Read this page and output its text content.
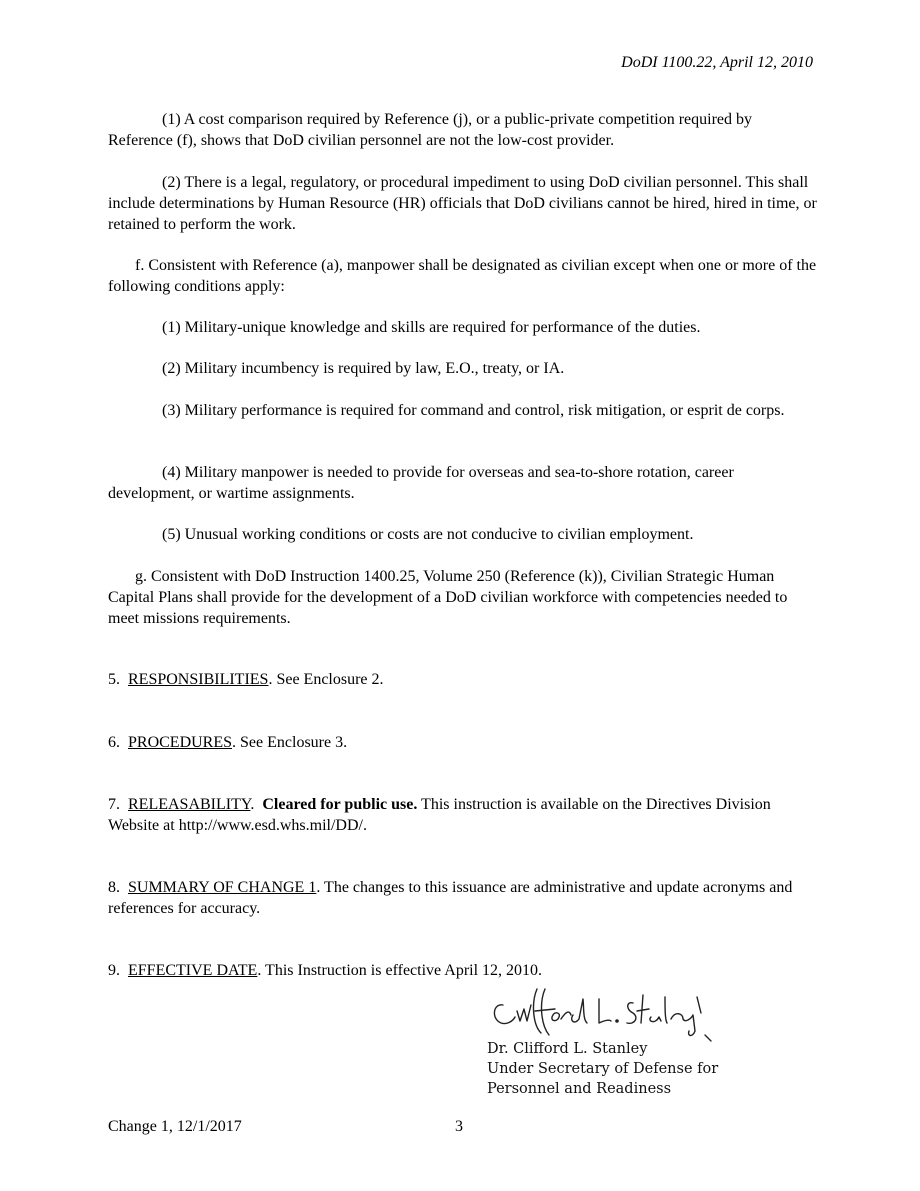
DoDI 1100.22, April 12, 2010

(1) A cost comparison required by Reference (j), or a public-private competition required by Reference (f), shows that DoD civilian personnel are not the low-cost provider.

(2) There is a legal, regulatory, or procedural impediment to using DoD civilian personnel. This shall include determinations by Human Resource (HR) officials that DoD civilians cannot be hired, hired in time, or retained to perform the work.

f. Consistent with Reference (a), manpower shall be designated as civilian except when one or more of the following conditions apply:

(1) Military-unique knowledge and skills are required for performance of the duties.

(2) Military incumbency is required by law, E.O., treaty, or IA.

(3) Military performance is required for command and control, risk mitigation, or esprit de corps.

(4) Military manpower is needed to provide for overseas and sea-to-shore rotation, career development, or wartime assignments.

(5) Unusual working conditions or costs are not conducive to civilian employment.

g. Consistent with DoD Instruction 1400.25, Volume 250 (Reference (k)), Civilian Strategic Human Capital Plans shall provide for the development of a DoD civilian workforce with competencies needed to meet missions requirements.

5. RESPONSIBILITIES. See Enclosure 2.

6. PROCEDURES. See Enclosure 3.

7. RELEASABILITY.  Cleared for public use. This instruction is available on the Directives Division Website at http://www.esd.whs.mil/DD/.

8. SUMMARY OF CHANGE 1. The changes to this issuance are administrative and update acronyms and references for accuracy.

9. EFFECTIVE DATE. This Instruction is effective April 12, 2010.

Dr. Clifford L. Stanley
Under Secretary of Defense for
Personnel and Readiness
Change 1, 12/1/2017	3
